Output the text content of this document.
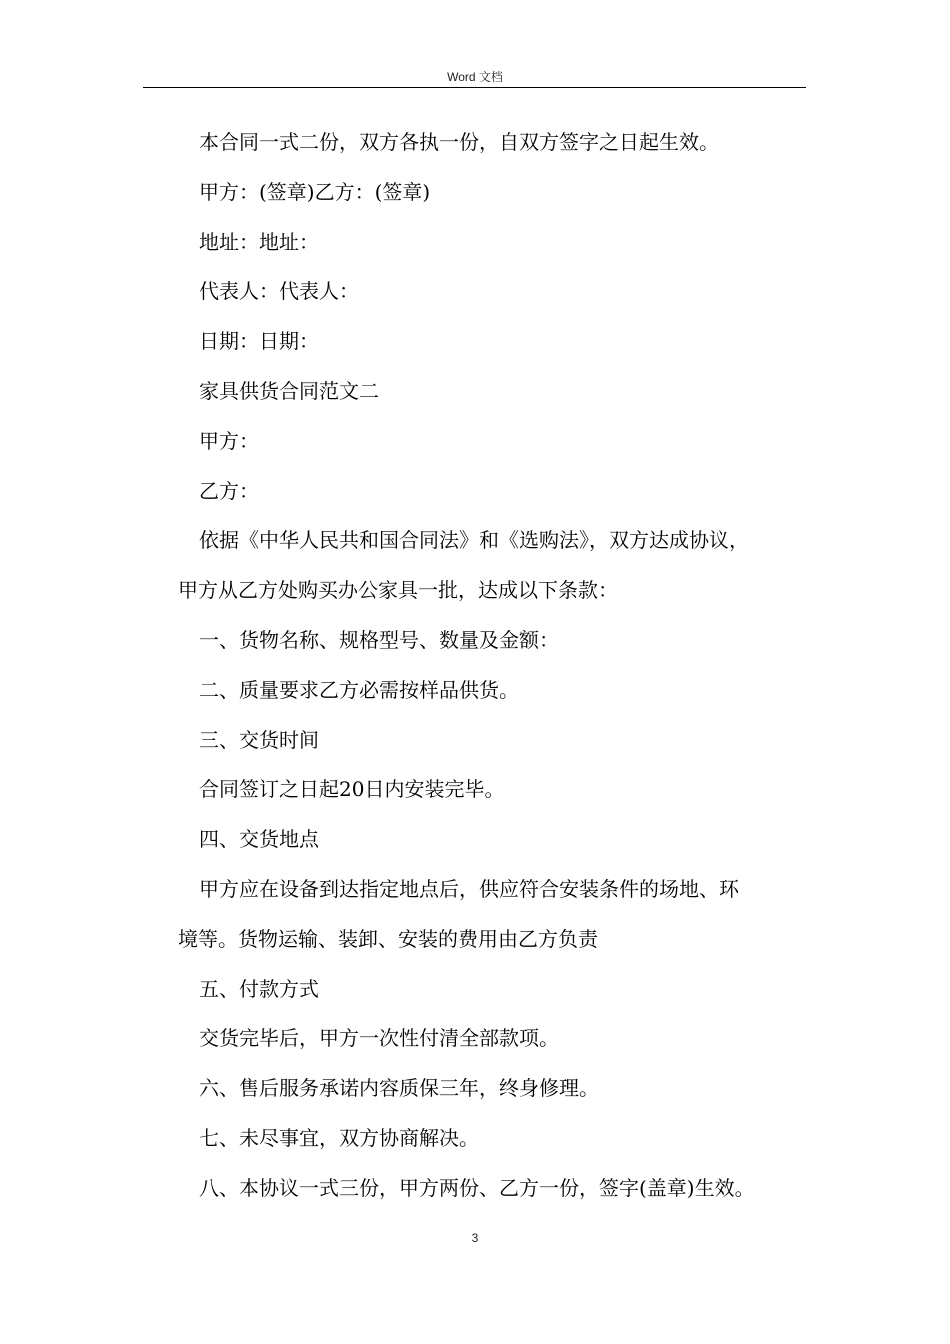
Word 文档
本合同一式二份，双方各执一份，自双方签字之日起生效。
甲方：(签章)乙方：(签章)
地址：地址：
代表人：代表人：
日期：日期：
家具供货合同范文二
甲方：
乙方：
依据《中华人民共和国合同法》和《选购法》，双方达成协议，
甲方从乙方处购买办公家具一批，达成以下条款：
一、货物名称、规格型号、数量及金额：
二、质量要求乙方必需按样品供货。
三、交货时间
合同签订之日起20日内安装完毕。
四、交货地点
甲方应在设备到达指定地点后，供应符合安装条件的场地、环
境等。货物运输、装卸、安装的费用由乙方负责
五、付款方式
交货完毕后，甲方一次性付清全部款项。
六、售后服务承诺内容质保三年，终身修理。
七、未尽事宜，双方协商解决。
八、本协议一式三份，甲方两份、乙方一份，签字(盖章)生效。
3
